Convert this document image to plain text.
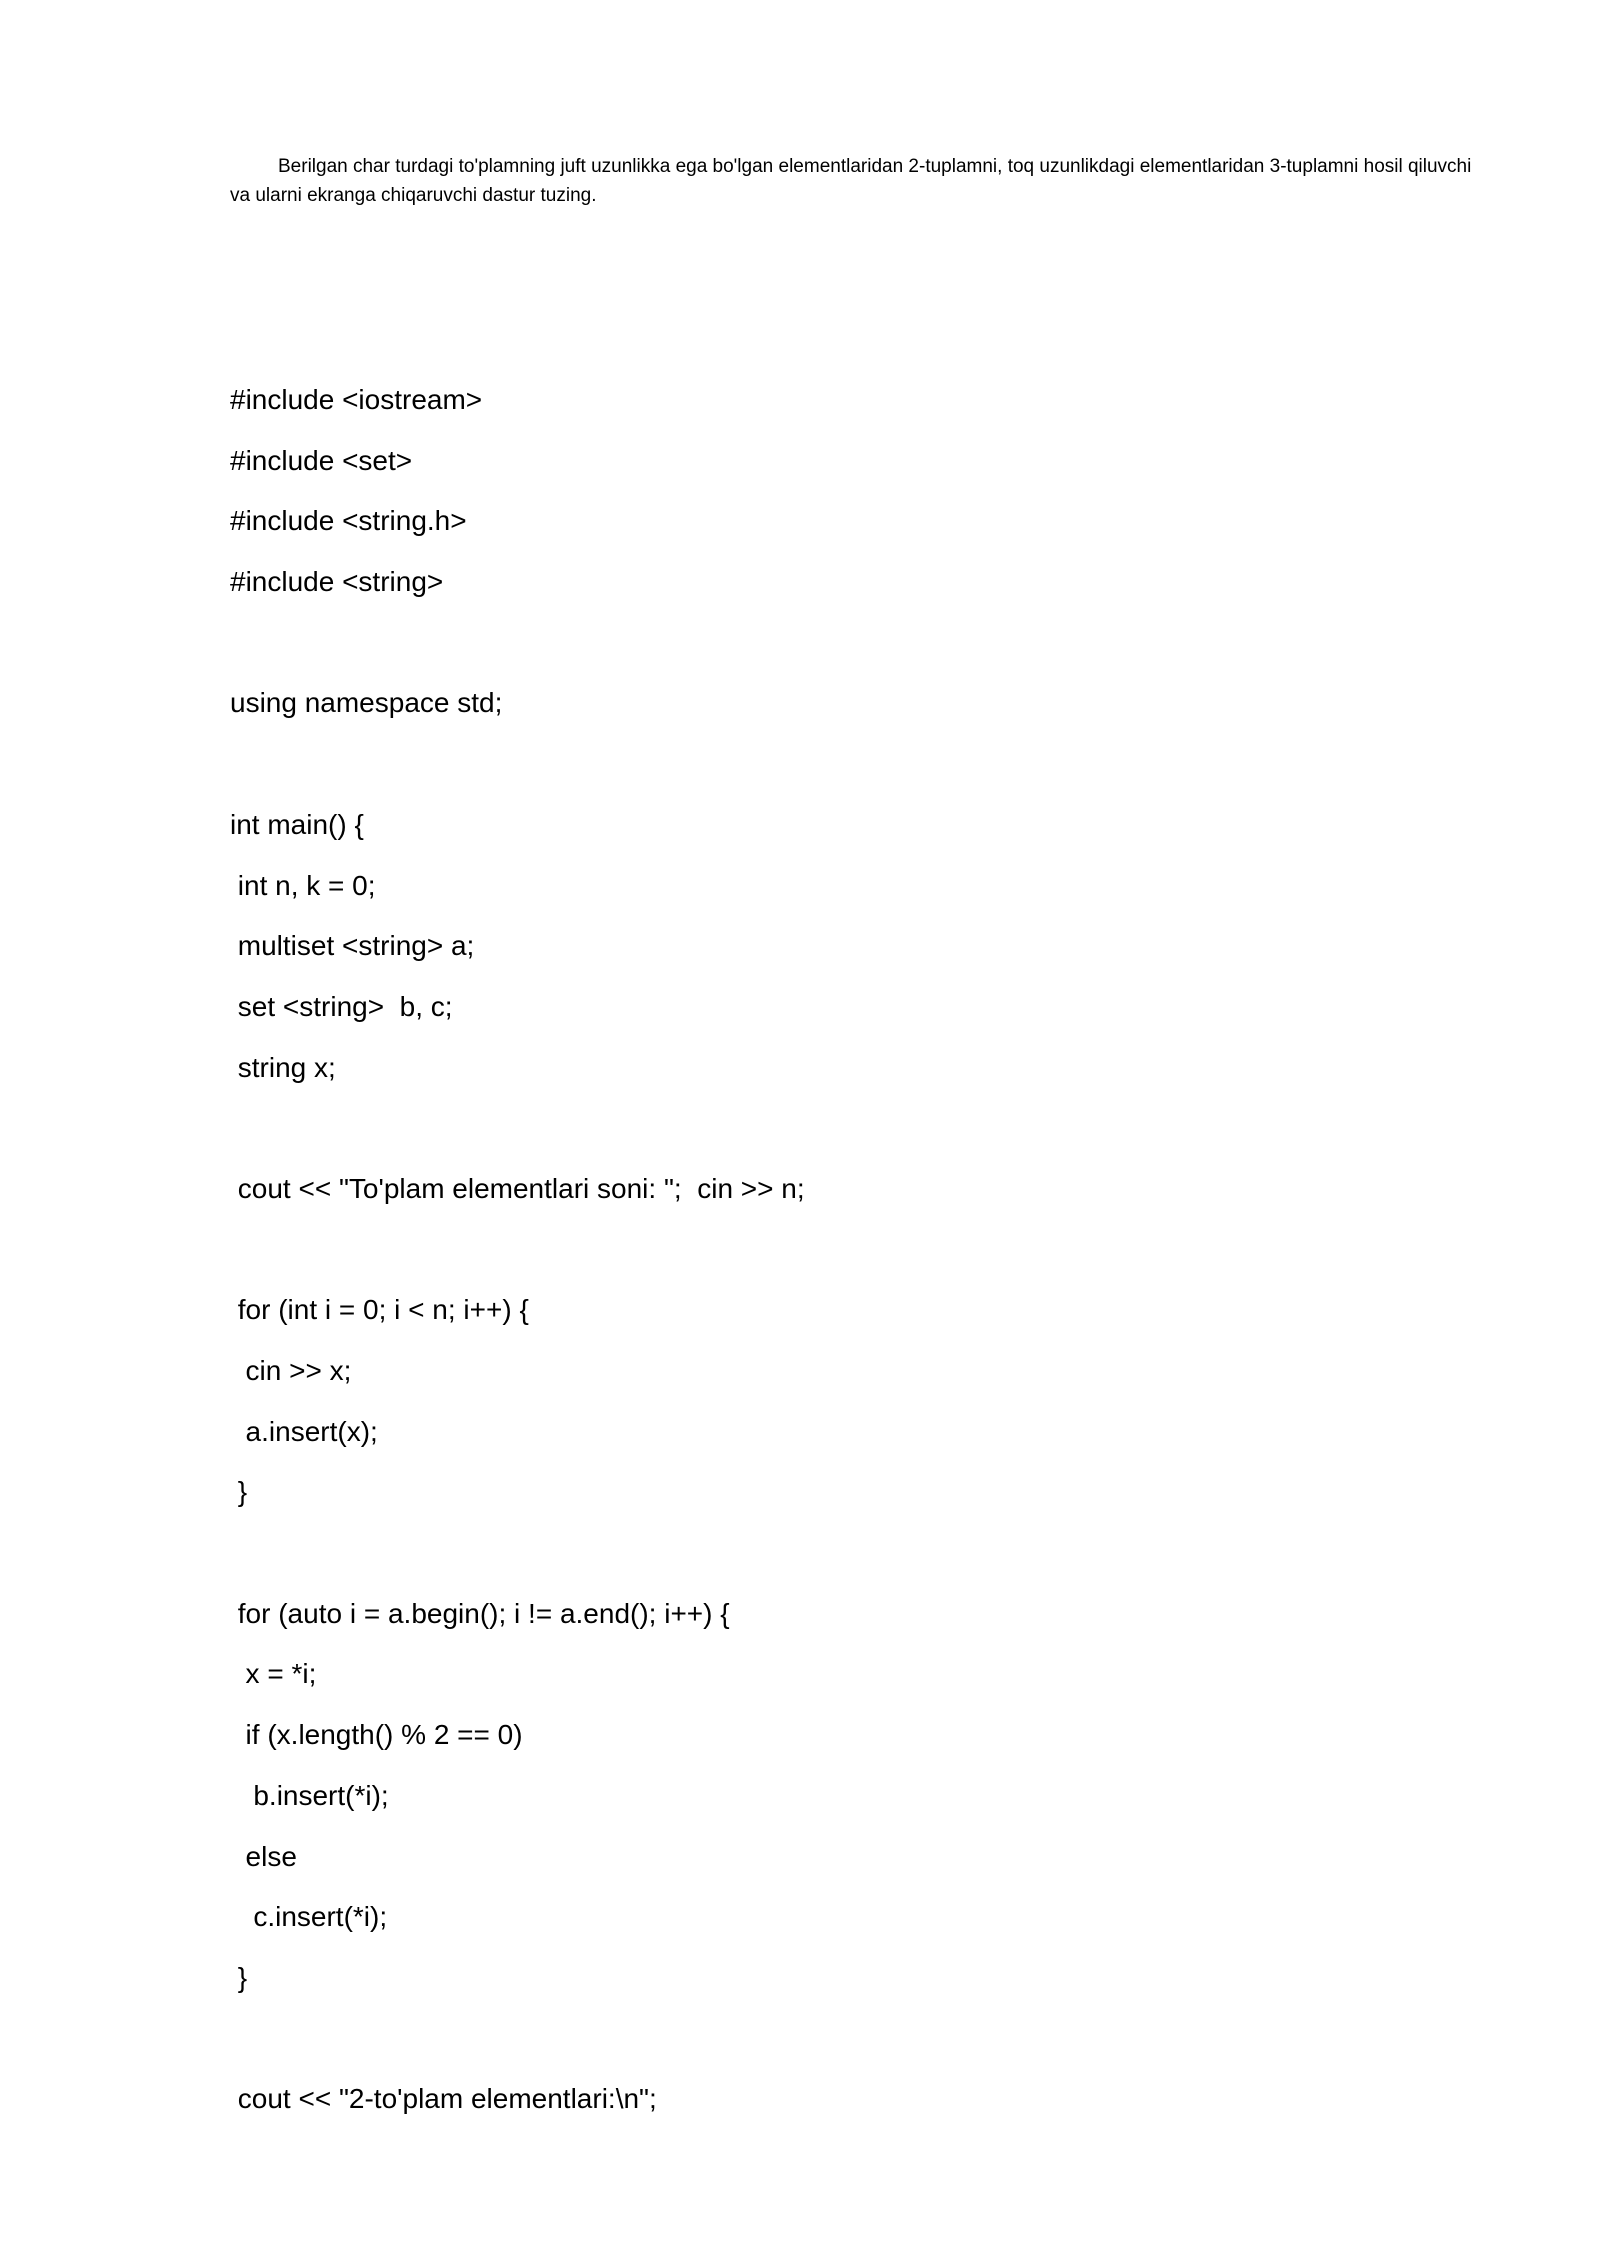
Berilgan char turdagi to'plamning juft uzunlikka ega bo'lgan elementlaridan 2-tuplamni, toq uzunlikdagi elementlaridan 3-tuplamni hosil qiluvchi va ularni ekranga chiqaruvchi dastur tuzing.

#include <iostream>
#include <set>
#include <string.h>
#include <string>
using namespace std;
int main() {
int n, k = 0;
multiset <string> a;
set <string>  b, c;
string x;
cout << "To'plam elementlari soni: ";  cin >> n;
for (int i = 0; i < n; i++) {
cin >> x;
a.insert(x);
}
for (auto i = a.begin(); i != a.end(); i++) {
x = *i;
if (x.length() % 2 == 0)
b.insert(*i);
else
c.insert(*i);
}
cout << "2-to'plam elementlari:\n";
